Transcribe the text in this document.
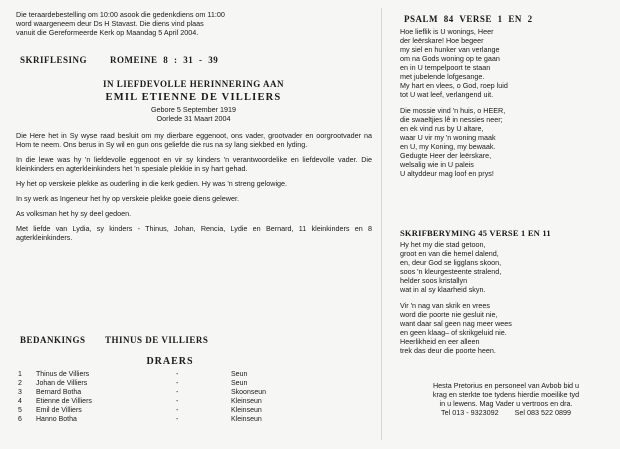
Die teraardebestelling om 10:00 asook die gedenkdiens om 11:00
word waargeneem deur Ds H Stavast. Die diens vind plaas
vanuit die Gereformeerde Kerk op Maandag 5 April 2004.
SKRIFLESING	ROMEINE 8 : 31 - 39
IN LIEFDEVOLLE HERINNERING AAN
EMIL ETIENNE DE VILLIERS
Gebore 5 September 1919
Oorlede 31 Maart 2004

Die Here het in Sy wyse raad besluit om my dierbare eggenoot, ons vader, grootvader en oorgrootvader na Hom te neem. Ons berus in Sy wil en gun ons geliefde die rus na sy lang siekbed en lyding.

In die lewe was hy 'n liefdevolle eggenoot en vir sy kinders 'n verantwoordelike en liefdevolle vader. Die kleinkinders en agterkleinkinders het 'n spesiale plekkie in sy hart gehad.

Hy het op verskeie plekke as ouderling in die kerk gedien. Hy was 'n streng gelowige.

In sy werk as Ingeneur het hy op verskeie plekke goeie diens gelewer.

As volksman het hy sy deel gedoen.

Met liefde van Lydia, sy kinders - Thinus, Johan, Rencia, Lydie en Bernard, 11 kleinkinders en 8 agterkleinkinders.

BEDANKINGS THINUS DE VILLIERS
DRAERS
1	Thinus de Villiers	-	Seun
2	Johan de Villiers	-	Seun
3	Bernard Botha	-	Skoonseun
4	Etienne de Villiers	-	Kleinseun
5	Emil de Villiers	-	Kleinseun
6	Hanno Botha	-	Kleinseun
PSALM 84 VERSE 1 EN 2
Hoe lieflik is U wonings, Heer
der leërskare! Hoe begeer
my siel en hunker van verlange
om na Gods woning op te gaan
en in U tempelpoort te staan
met jubelende lofgesange.
My hart en vlees, o God, roep luid
tot U wat leef, verlangend uit.
Die mossie vind 'n huis, o HEER,
die swaeltjies lê in nessies neer;
en ek vind rus by U altare,
waar U vir my 'n woning maak
en U, my Koning, my bewaak.
Gedugte Heer der leërskare,
welsalig wie in U paleis
U altyddeur mag loof en prys!
SKRIFBERYMING 45 VERSE 1 EN 11
Hy het my die stad getoon,
groot en van die hemel dalend,
en, deur God se ligglans skoon,
soos 'n kleurgesteente stralend,
helder soos kristallyn
wat in al sy klaarheid skyn.
Vir 'n nag van skrik en vrees
word die poorte nie gesluit nie,
want daar sal geen nag meer wees
en geen klaag– of skrikgeluid nie.
Heerlikheid en eer alleen
trek das deur die poorte heen.
Hesta Pretorius en personeel van Avbob bid u
krag en sterkte toe tydens hierdie moeilike tyd
in u lewens. Mag Vader u vertroos en dra.
Tel 013 - 9323092 Sel 083 522 0899
